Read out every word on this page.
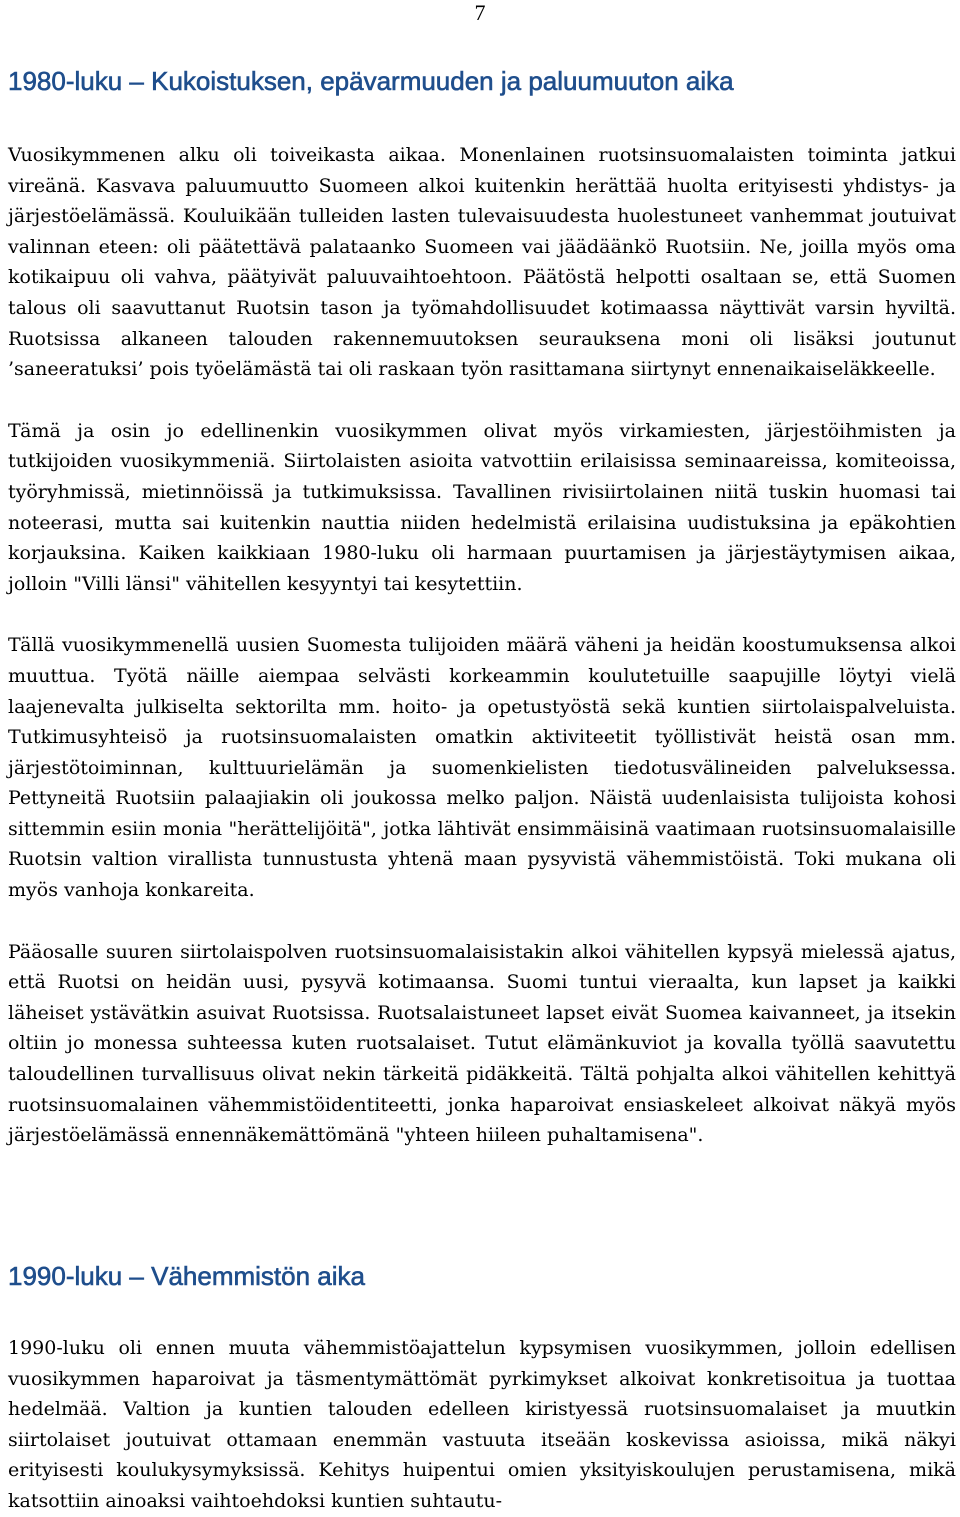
7
1980-luku – Kukoistuksen, epävarmuuden ja paluumuuton aika

Vuosikymmenen alku oli toiveikasta aikaa. Monenlainen ruotsinsuomalaisten toiminta jatkui vireänä. Kasvava paluumuutto Suomeen alkoi kuitenkin herättää huolta erityisesti yhdistys- ja järjestöelämässä. Kouluikään tulleiden lasten tulevaisuudesta huolestuneet vanhemmat joutuivat valinnan eteen: oli päätettävä palataanko Suomeen vai jäädäänkö Ruotsiin. Ne, joilla myös oma kotikaipuu oli vahva, päätyivät paluuvaihtoehtoon. Päätöstä helpotti osaltaan se, että Suomen talous oli saavuttanut Ruotsin tason ja työmahdollisuudet kotimaassa näyttivät varsin hyviltä. Ruotsissa alkaneen talouden rakennemuutoksen seurauksena moni oli lisäksi joutunut ’saneeratuksi’ pois työelämästä tai oli raskaan työn rasittamana siirtynyt ennenaikaiseläkkeelle.

Tämä ja osin jo edellinenkin vuosikymmen olivat myös virkamiesten, järjestöihmisten ja tutkijoiden vuosikymmeniä. Siirtolaisten asioita vatvottiin erilaisissa seminaareissa, komiteoissa, työryhmissä, mietinnöissä ja tutkimuksissa. Tavallinen rivisiirtolainen niitä tuskin huomasi tai noteerasi, mutta sai kuitenkin nauttia niiden hedelmistä erilaisina uudistuksina ja epäkohtien korjauksina. Kaiken kaikkiaan 1980-luku oli harmaan puurtamisen ja järjestäytymisen aikaa, jolloin "Villi länsi" vähitellen kesyyntyi tai kesytettiin.

Tällä vuosikymmenellä uusien Suomesta tulijoiden määrä väheni ja heidän koostumuksensa alkoi muuttua. Työtä näille aiempaa selvästi korkeammin koulutetuille saapujille löytyi vielä laajenevalta julkiselta sektorilta mm. hoito- ja opetustyöstä sekä kuntien siirtolaispalveluista. Tutkimusyhteisö ja ruotsinsuomalaisten omatkin aktiviteetit työllistivät heistä osan mm. järjestötoiminnan, kulttuurielämän ja suomenkielisten tiedotusvälineiden palveluksessa. Pettyneitä Ruotsiin palaajiakin oli joukossa melko paljon. Näistä uudenlaisista tulijoista kohosi sittemmin esiin monia "herättelijöitä", jotka lähtivät ensimmäisinä vaatimaan ruotsinsuomalaisille Ruotsin valtion virallista tunnustusta yhtenä maan pysyvistä vähemmistöistä. Toki mukana oli myös vanhoja konkareita.

Pääosalle suuren siirtolaispolven ruotsinsuomalaisistakin alkoi vähitellen kypsyä mielessä ajatus, että Ruotsi on heidän uusi, pysyvä kotimaansa. Suomi tuntui vieraalta, kun lapset ja kaikki läheiset ystävätkin asuivat Ruotsissa. Ruotsalaistuneet lapset eivät Suomea kaivanneet, ja itsekin oltiin jo monessa suhteessa kuten ruotsalaiset. Tutut elämänkuviot ja kovalla työllä saavutettu taloudellinen turvallisuus olivat nekin tärkeitä pidäkkeitä. Tältä pohjalta alkoi vähitellen kehittyä ruotsinsuomalainen vähemmistöidentiteetti, jonka haparoivat ensiaskeleet alkoivat näkyä myös järjestöelämässä ennennäkemättömänä "yhteen hiileen puhaltamisena".

1990-luku – Vähemmistön aika

1990-luku oli ennen muuta vähemmistöajattelun kypsymisen vuosikymmen, jolloin edellisen vuosikymmen haparoivat ja täsmentymättömät pyrkimykset alkoivat konkretisoitua ja tuottaa hedelmää. Valtion ja kuntien talouden edelleen kiristyessä ruotsinsuomalaiset ja muutkin siirtolaiset joutuivat ottamaan enemmän vastuuta itseään koskevissa asioissa, mikä näkyi erityisesti koulukysymyksissä. Kehitys huipentui omien yksityiskoulujen perustamisena, mikä katsottiin ainoaksi vaihtoehdoksi kuntien suhtautu-
